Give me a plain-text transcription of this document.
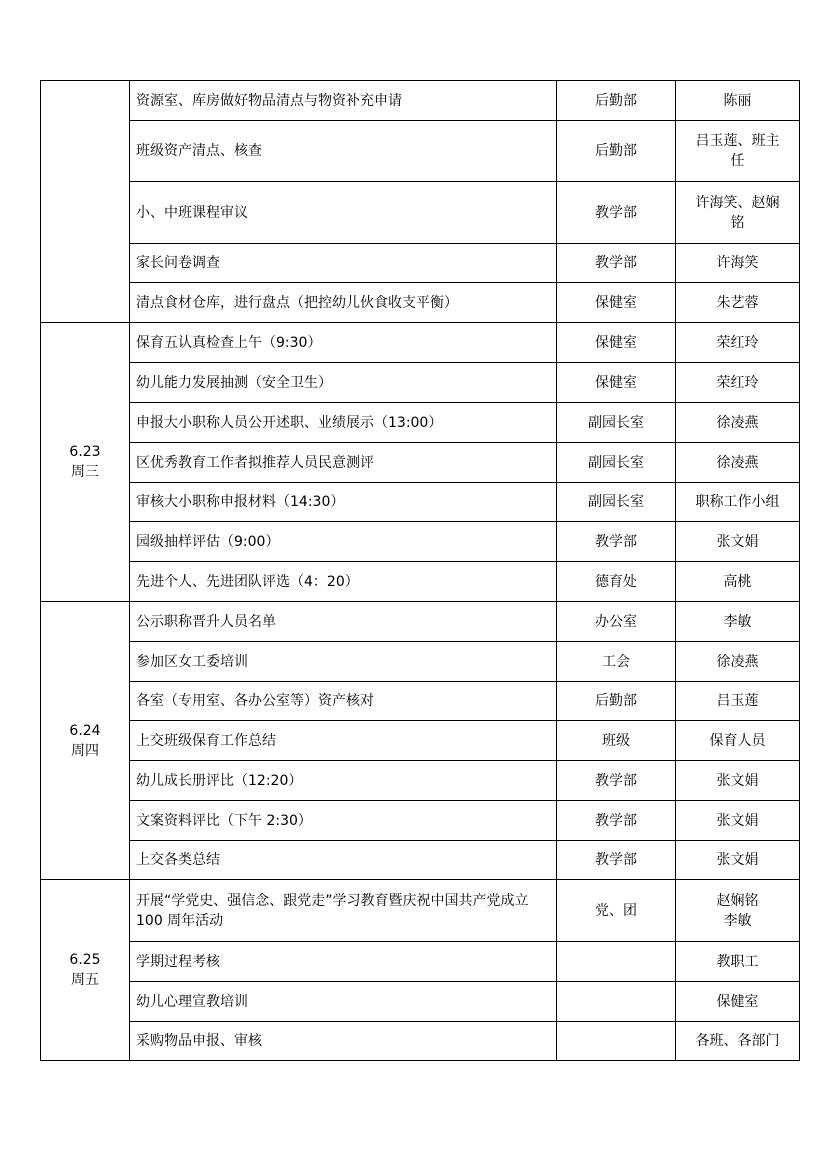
	资源室、库房做好物品清点与物资补充申请	后勤部	陈丽

	班级资产清点、核查	后勤部	吕玉莲、班主
任

	小、中班课程审议	教学部	许海笑、赵娴
铭

	家长问卷调查	教学部	许海笑

	清点食材仓库，进行盘点（把控幼儿伙食收支平衡）	保健室	朱艺蓉

6.23
周三	保育五认真检查上午（9:30）	保健室	荣红玲

	幼儿能力发展抽测（安全卫生）	保健室	荣红玲

	申报大小职称人员公开述职、业绩展示（13:00）	副园长室	徐凌燕

	区优秀教育工作者拟推荐人员民意测评	副园长室	徐凌燕

	审核大小职称申报材料（14:30）	副园长室	职称工作小组

	园级抽样评估（9:00）	教学部	张文娟

	先进个人、先进团队评选（4：20）	德育处	高桃

6.24
周四	公示职称晋升人员名单	办公室	李敏

	参加区女工委培训	工会	徐凌燕

	各室（专用室、各办公室等）资产核对	后勤部	吕玉莲

	上交班级保育工作总结	班级	保育人员

	幼儿成长册评比（12:20）	教学部	张文娟

	文案资料评比（下午 2:30）	教学部	张文娟

	上交各类总结	教学部	张文娟

6.25
周五	开展“学党史、强信念、跟党走”学习教育暨庆祝中国共产党成立 100 周年活动	党、团	赵娴铭
李敏

	学期过程考核		教职工

	幼儿心理宣教培训		保健室

	采购物品申报、审核		各班、各部门
